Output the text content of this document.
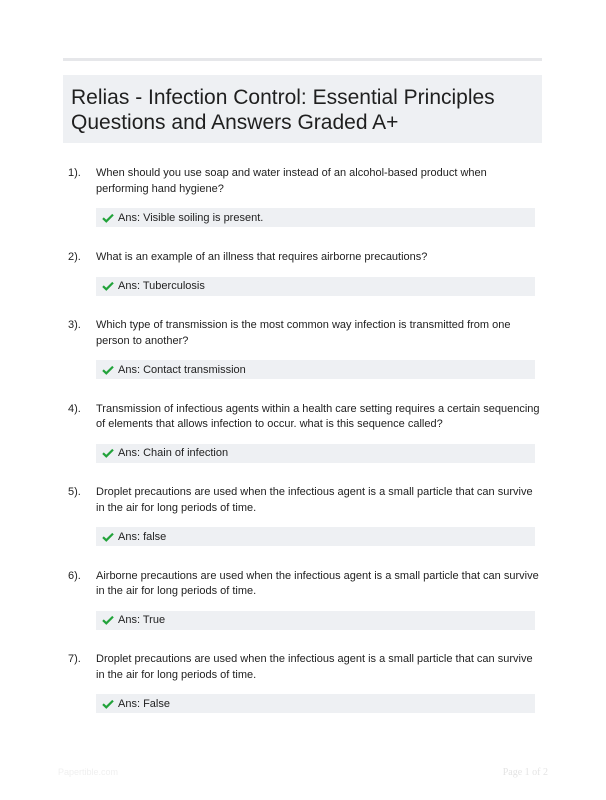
Relias - Infection Control: Essential Principles Questions and Answers Graded A+
1). When should you use soap and water instead of an alcohol-based product when performing hand hygiene?
Ans: Visible soiling is present.
2). What is an example of an illness that requires airborne precautions?
Ans: Tuberculosis
3). Which type of transmission is the most common way infection is transmitted from one person to another?
Ans: Contact transmission
4). Transmission of infectious agents within a health care setting requires a certain sequencing of elements that allows infection to occur. what is this sequence called?
Ans: Chain of infection
5). Droplet precautions are used when the infectious agent is a small particle that can survive in the air for long periods of time.
Ans: false
6). Airborne precautions are used when the infectious agent is a small particle that can survive in the air for long periods of time.
Ans: True
7). Droplet precautions are used when the infectious agent is a small particle that can survive in the air for long periods of time.
Ans: False
Papertible.com	Page 1 of 2
